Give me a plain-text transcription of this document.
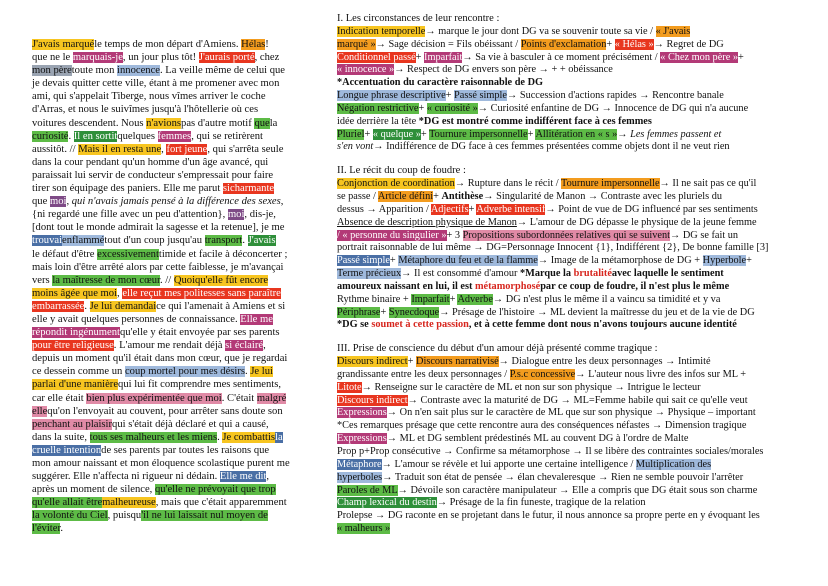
J'avais marquéle temps de mon départ d'Amiens. Hélas!
que ne le marquais-je, un jour plus tôt! J'aurais porté, chez
mon pèretoute mon innocence. La veille même de celui que
je devais quitter cette ville, étant à me promener avec mon
ami, qui s'appelait Tiberge, nous vîmes arriver le coche
d'Arras, et nous le suivîmes jusqu'à l'hôtellerie où ces
voitures descendent. Nous n'avionspas d'autre motif quela
curiosité. Il en sortitquelques femmes, qui se retirèrent
aussitôt. // Mais il en resta une, fort jeune, qui s'arrêta seule
dans la cour pendant qu'un homme d'un âge avancé, qui
paraissait lui servir de conducteur s'empressait pour faire
tirer son équipage des paniers. Elle me parut sicharmante
que moi, qui n'avais jamais pensé à la différence des sexes,
{ni regardé une fille avec un peu d'attention}, moi, dis-je,
[dont tout le monde admirait la sagesse et la retenue], je me
trouvaienflammétout d'un coup jusqu'au transport. J'avais
le défaut d'être excessivementtimide et facile à déconcerter ;
mais loin d'être arrêté alors par cette faiblesse, je m'avançai
vers la maîtresse de mon cœur. // Quoiqu'elle fût encore
moins âgée que moi, elle reçut mes politesses sans paraître
embarrassée. Je lui demandaice qui l'amenait à Amiens et si
elle y avait quelques personnes de connaissance. Elle me
répondit ingénumentqu'elle y était envoyée par ses parents
pour être religieuse. L'amour me rendait déjà si éclairé,
depuis un moment qu'il était dans mon cœur, que je regardai
ce dessein comme un coup mortel pour mes désirs. Je lui
parlai d'une manièrequi lui fit comprendre mes sentiments,
car elle était bien plus expérimentée que moi. C'était malgré
ellequ'on l'envoyait au couvent, pour arrêter sans doute son
penchant au plaisirqui s'était déjà déclaré et qui a causé,
dans la suite, tous ses malheurs et les miens. Je combattisla
cruelle intentionde ses parents par toutes les raisons que
mon amour naissant et mon éloquence scolastique purent me
suggérer. Elle n'affecta ni rigueur ni dédain. Elle me dit,
après un moment de silence, qu'elle ne prévoyait que trop
qu'elle allait êtremalheureuse, mais que c'était apparemment
la volonté du Ciel, puisqu'il ne lui laissait nul moyen de
l'éviter.

I. Les circonstances de leur rencontre :

Indication temporelle→ marque le jour dont DG va se souvenir toute sa vie / « J'avais
marqué »→ Sage décision = Fils obéissant / Points d'exclamation+ « Hélas »→ Regret de DG
Conditionnel passé+ Imparfait→ Sa vie à basculer à ce moment précisément / « Chez mon père »+
« innocence »→ Respect de DG envers son père → + + obéissance
*Accentuation du caractère raisonnable de DG
Longue phrase descriptive+ Passé simple→ Succession d'actions rapides → Rencontre banale
Négation restrictive+ « curiosité »→ Curiosité enfantine de DG → Innocence de DG qui n'a aucune
idée derrière la tête *DG est montré comme indifférent face à ces femmes
Pluriel+ « quelque »+ Tournure impersonnelle+ Allitération en « s »→ Les femmes passent et
s'en vont→ Indifférence de DG face à ces femmes présentées comme objets dont il ne veut rien

II. Le récit du coup de foudre :

Conjonction de coordination→ Rupture dans le récit / Tournure impersonnelle→ Il ne sait pas ce qu'il
se passe / Article défini+ Antithèse→ Singularité de Manon → Contraste avec les pluriels du
dessus → Apparition / Adjectifs+ Adverbe intensif→ Point de vue de DG influencé par ses sentiments
Absence de description physique de Manon→ L'amour de DG dépasse le physique de la jeune femme
/ « personne du singulier »+ 3 Propositions subordonnées relatives qui se suivent→ DG se fait un
portrait raisonnable de lui même → DG=Personnage Innocent {1}, Indifférent {2}, De bonne famille [3]
Passé simple+ Métaphore du feu et de la flamme→ Image de la métamorphose de DG + Hyperbole+
Terme précieux→ Il est consommé d'amour *Marque la brutalitéavec laquelle le sentiment
amoureux naissant en lui, il est métamorphosépar ce coup de foudre, il n'est plus le même
Rythme binaire + Imparfait+ Adverbe→ DG n'est plus le même il a vaincu sa timidité et y va
Périphrase+ Synecdoque→ Présage de l'histoire → ML devient la maîtresse du jeu et de la vie de DG
*DG se soumet à cette passion, et à cette femme dont nous n'avons toujours aucune identité

III. Prise de conscience du début d'un amour déjà présenté comme tragique :

Discours indirect+ Discours narrativisé→ Dialogue entre les deux personnages → Intimité
grandissante entre les deux personnages / P.s.c concessive→ L'auteur nous livre des infos sur ML +
Litote→ Renseigne sur le caractère de ML et non sur son physique → Intrigue le lecteur
Discours indirect→ Contraste avec la maturité de DG → ML=Femme habile qui sait ce qu'elle veut
Expressions→ On n'en sait plus sur le caractère de ML que sur son physique → Physique – important
*Ces remarques présage que cette rencontre aura des conséquences néfastes → Dimension tragique
Expressions→ ML et DG semblent prédestinés ML au couvent DG à l'ordre de Malte
Prop p+Prop consécutive → Confirme sa métamorphose → Il se libère des contraintes sociales/morales
Métaphore→ L'amour se révèle et lui apporte une certaine intelligence / Multiplication des
hyperboles→ Traduit son état de pensée → élan chevaleresque → Rien ne semble pouvoir l'arrêter
Paroles de ML→ Dévoile son caractère manipulateur → Elle a compris que DG était sous son charme
Champ lexical du destin→ Présage de la fin funeste, tragique de la relation
Prolepse → DG raconte en se projetant dans le futur, il nous annonce sa propre perte en y évoquant les
« malheurs »
